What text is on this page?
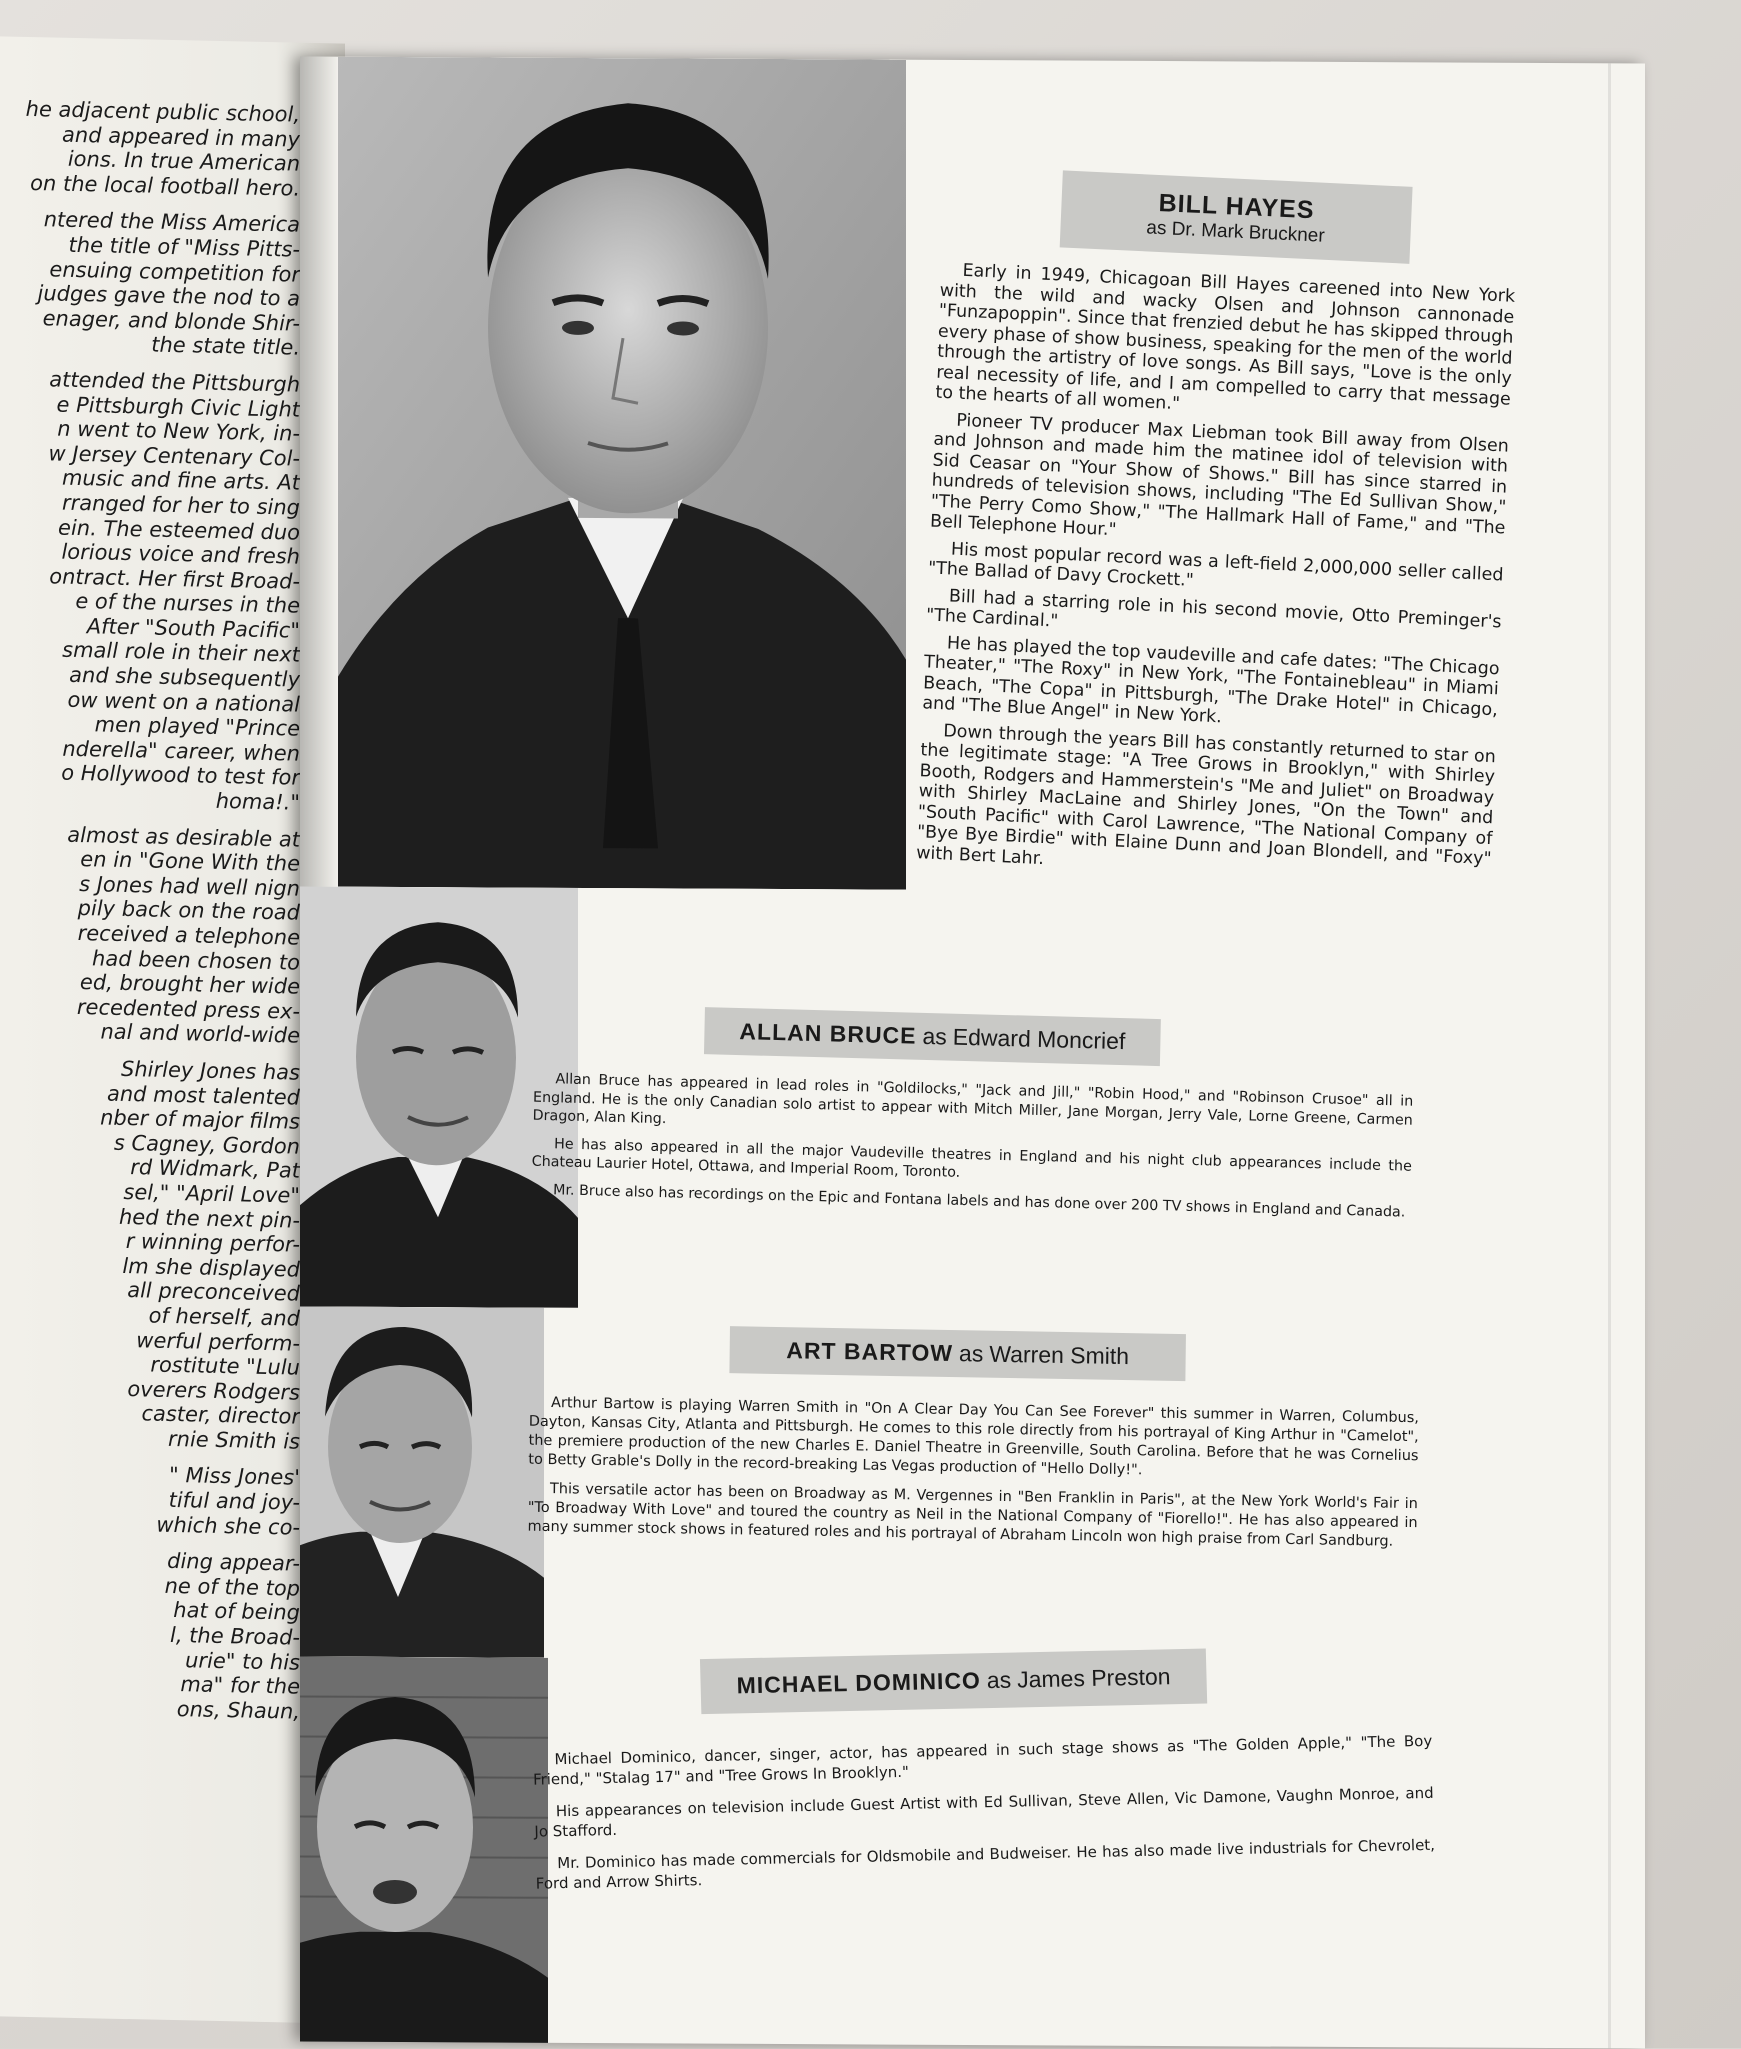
he adjacent public school,
and appeared in many
ions. In true American
on the local football hero.
ntered the Miss America
the title of "Miss Pitts-
ensuing competition for
judges gave the nod to a
enager, and blonde Shir-
the state title.
attended the Pittsburgh
e Pittsburgh Civic Light
n went to New York, in-
w Jersey Centenary Col-
music and fine arts. At
rranged for her to sing
ein. The esteemed duo
lorious voice and fresh
ontract. Her first Broad-
e of the nurses in the
After "South Pacific"
small role in their next
and she subsequently
ow went on a national
men played "Prince
nderella" career, when
o Hollywood to test for
homa!."
almost as desirable at
en in "Gone With the
s Jones had well nign
pily back on the road
received a telephone
had been chosen to
ed, brought her wide
recedented press ex-
nal and world-wide
Shirley Jones has
and most talented
nber of major films
s Cagney, Gordon
rd Widmark, Pat
sel," "April Love"
hed the next pin-
r winning perfor-
lm she displayed
all preconceived
of herself, and
werful perform-
rostitute "Lulu
overers Rodgers
caster, director
rnie Smith is
" Miss Jones'
tiful and joy-
which she co-
ding appear-
ne of the top
hat of being
l, the Broad-
urie" to his
ma" for the
ons, Shaun,
BILL HAYES
as Dr. Mark Bruckner

Early in 1949, Chicagoan Bill Hayes careened into New York with the wild and wacky Olsen and Johnson cannonade "Funzapoppin". Since that frenzied debut he has skipped through every phase of show business, speaking for the men of the world through the artistry of love songs. As Bill says, "Love is the only real necessity of life, and I am compelled to carry that message to the hearts of all women."

Pioneer TV producer Max Liebman took Bill away from Olsen and Johnson and made him the matinee idol of television with Sid Ceasar on "Your Show of Shows." Bill has since starred in hundreds of television shows, including "The Ed Sullivan Show," "The Perry Como Show," "The Hallmark Hall of Fame," and "The Bell Telephone Hour."

His most popular record was a left-field 2,000,000 seller called "The Ballad of Davy Crockett."

Bill had a starring role in his second movie, Otto Preminger's "The Cardinal."

He has played the top vaudeville and cafe dates: "The Chicago Theater," "The Roxy" in New York, "The Fontainebleau" in Miami Beach, "The Copa" in Pittsburgh, "The Drake Hotel" in Chicago, and "The Blue Angel" in New York.

Down through the years Bill has constantly returned to star on the legitimate stage: "A Tree Grows in Brooklyn," with Shirley Booth, Rodgers and Hammerstein's "Me and Juliet" on Broadway with Shirley MacLaine and Shirley Jones, "On the Town" and "South Pacific" with Carol Lawrence, "The National Company of "Bye Bye Birdie" with Elaine Dunn and Joan Blondell, and "Foxy" with Bert Lahr.

ALLAN BRUCE as Edward Moncrief

Allan Bruce has appeared in lead roles in "Goldilocks," "Jack and Jill," "Robin Hood," and "Robinson Crusoe" all in England. He is the only Canadian solo artist to appear with Mitch Miller, Jane Morgan, Jerry Vale, Lorne Greene, Carmen Dragon, Alan King.

He has also appeared in all the major Vaudeville theatres in England and his night club appearances include the Chateau Laurier Hotel, Ottawa, and Imperial Room, Toronto.

Mr. Bruce also has recordings on the Epic and Fontana labels and has done over 200 TV shows in England and Canada.

ART BARTOW as Warren Smith

Arthur Bartow is playing Warren Smith in "On A Clear Day You Can See Forever" this summer in Warren, Columbus, Dayton, Kansas City, Atlanta and Pittsburgh. He comes to this role directly from his portrayal of King Arthur in "Camelot", the premiere production of the new Charles E. Daniel Theatre in Greenville, South Carolina. Before that he was Cornelius to Betty Grable's Dolly in the record-breaking Las Vegas production of "Hello Dolly!".

This versatile actor has been on Broadway as M. Vergennes in "Ben Franklin in Paris", at the New York World's Fair in "To Broadway With Love" and toured the country as Neil in the National Company of "Fiorello!". He has also appeared in many summer stock shows in featured roles and his portrayal of Abraham Lincoln won high praise from Carl Sandburg.

MICHAEL DOMINICO as James Preston

Michael Dominico, dancer, singer, actor, has appeared in such stage shows as "The Golden Apple," "The Boy Friend," "Stalag 17" and "Tree Grows In Brooklyn."

His appearances on television include Guest Artist with Ed Sullivan, Steve Allen, Vic Damone, Vaughn Monroe, and Jo Stafford.

Mr. Dominico has made commercials for Oldsmobile and Budweiser. He has also made live industrials for Chevrolet, Ford and Arrow Shirts.
